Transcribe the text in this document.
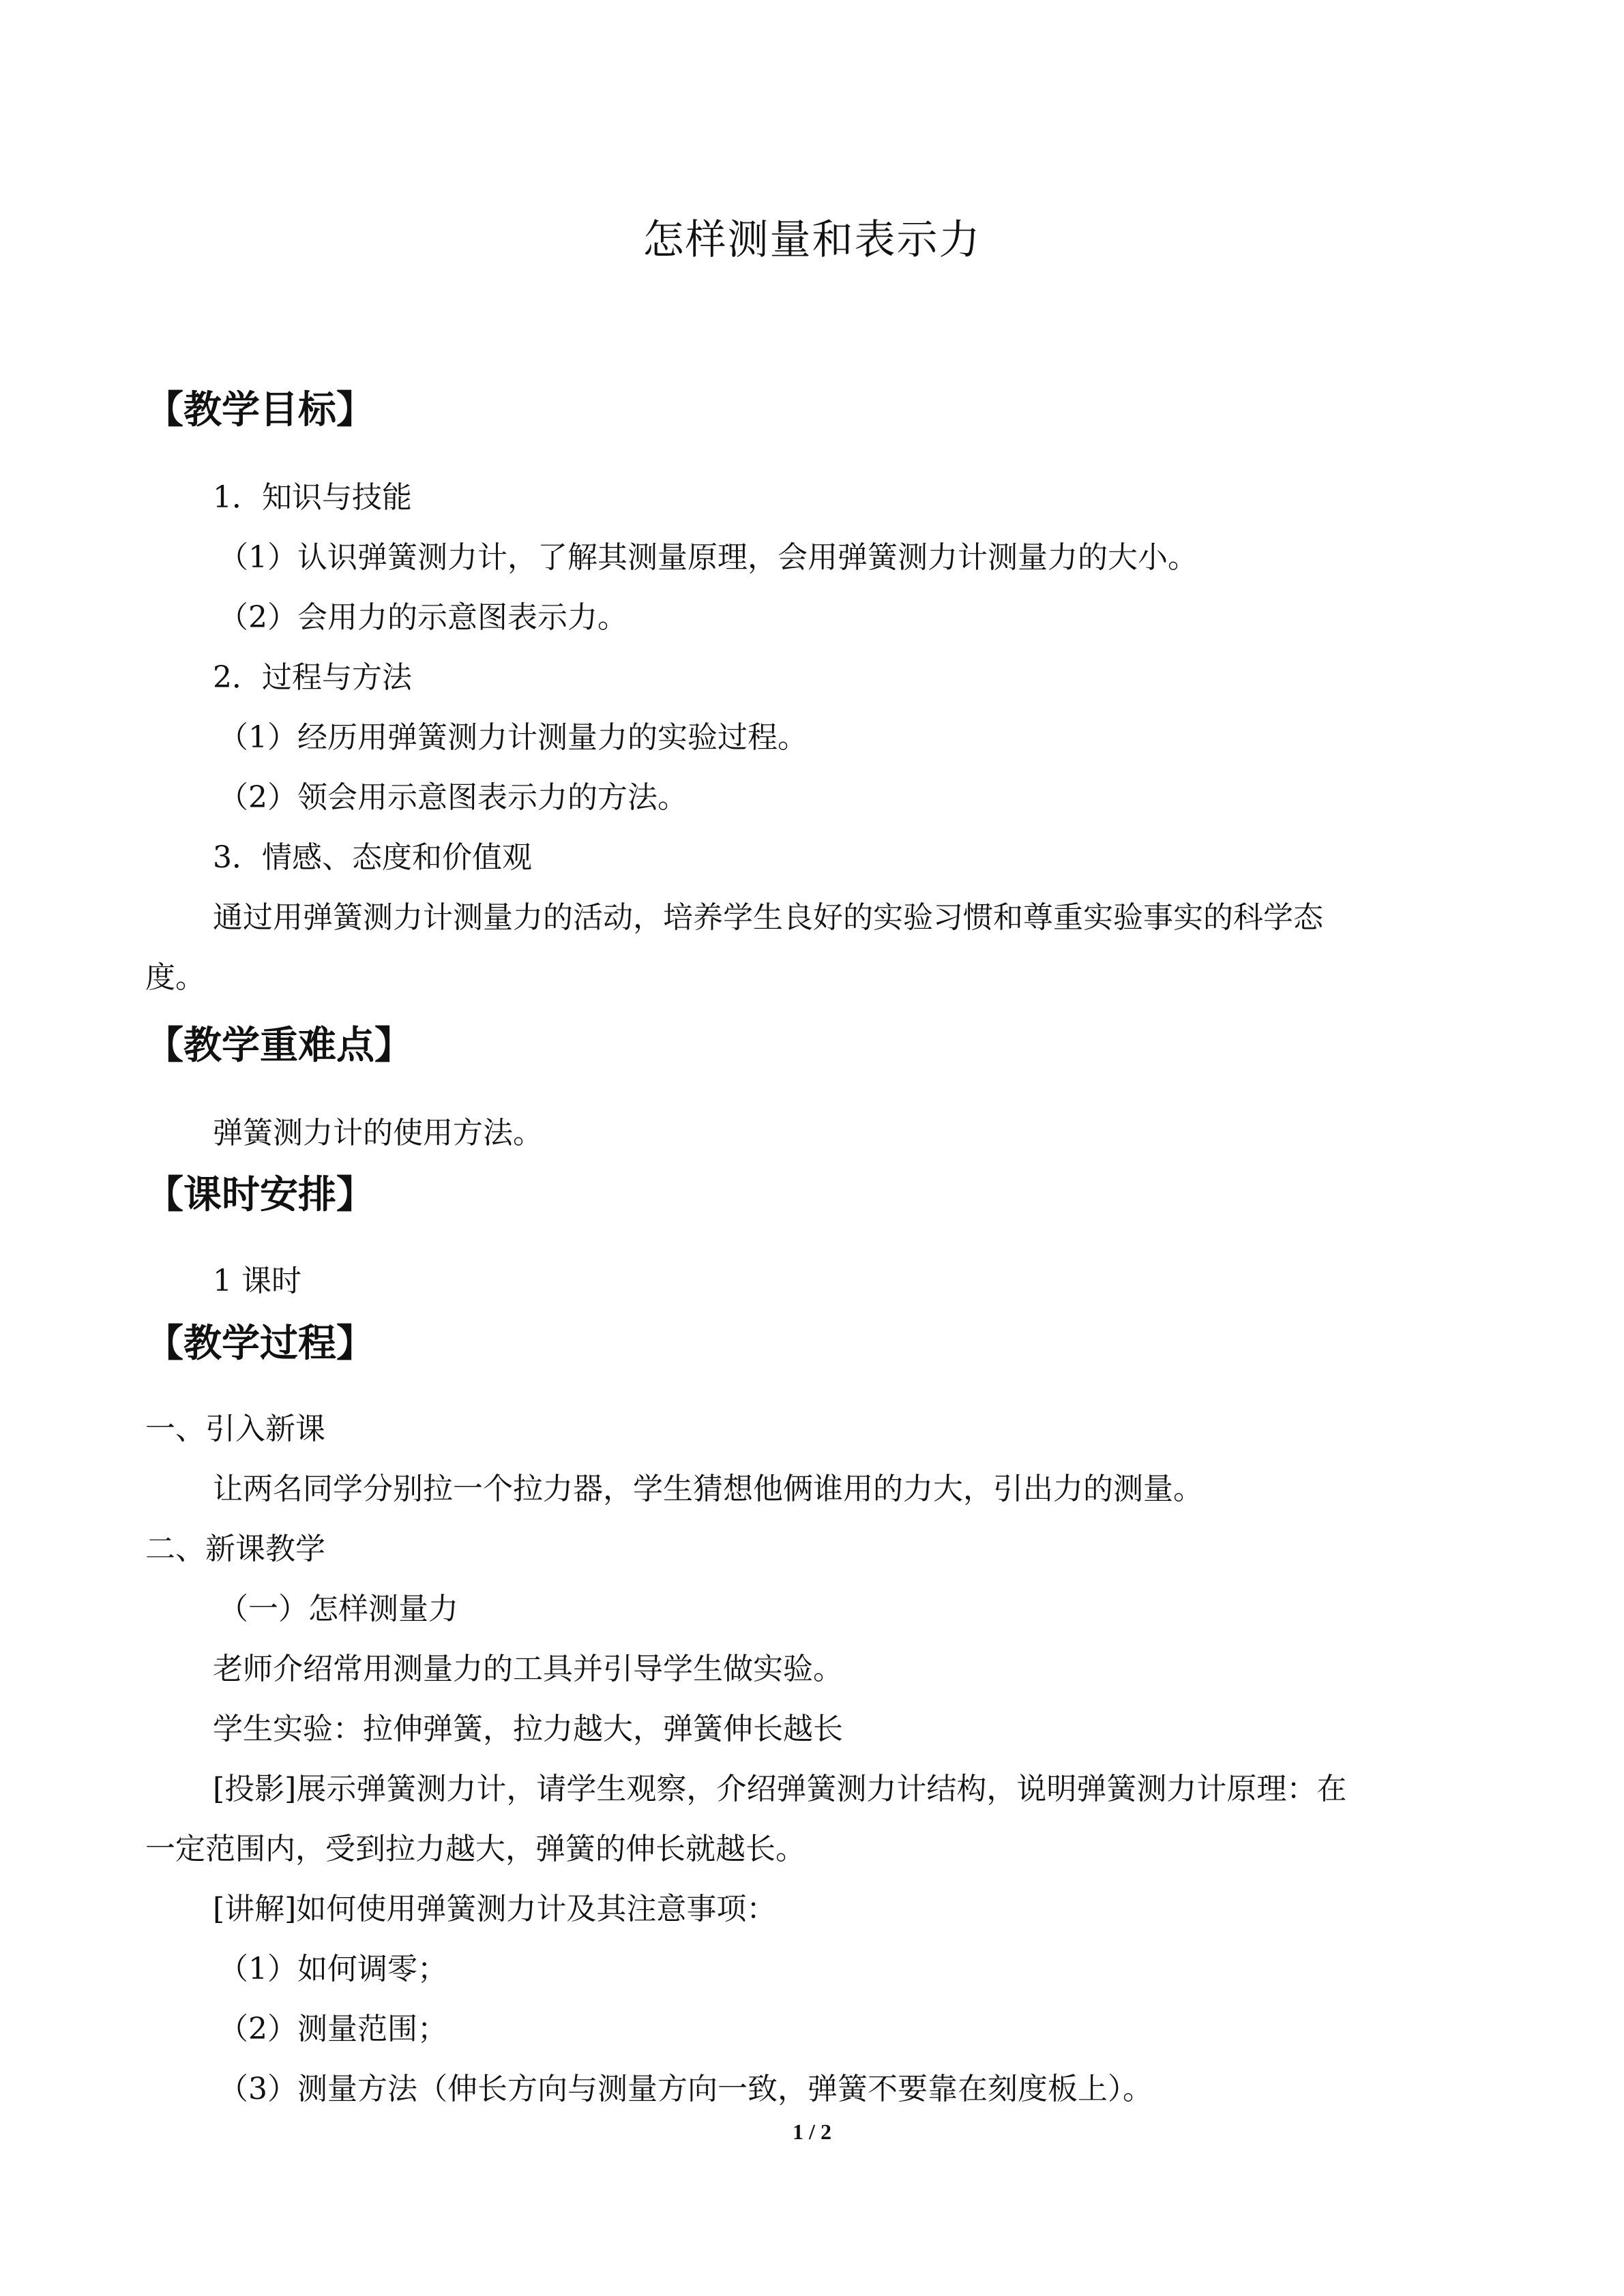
怎样测量和表示力
【教学目标】
1．知识与技能
（1）认识弹簧测力计，了解其测量原理，会用弹簧测力计测量力的大小。
（2）会用力的示意图表示力。
2．过程与方法
（1）经历用弹簧测力计测量力的实验过程。
（2）领会用示意图表示力的方法。
3．情感、态度和价值观
通过用弹簧测力计测量力的活动，培养学生良好的实验习惯和尊重实验事实的科学态
度。
【教学重难点】
弹簧测力计的使用方法。
【课时安排】
1 课时
【教学过程】
一、引入新课
让两名同学分别拉一个拉力器，学生猜想他俩谁用的力大，引出力的测量。
二、新课教学
（一）怎样测量力
老师介绍常用测量力的工具并引导学生做实验。
学生实验：拉伸弹簧，拉力越大，弹簧伸长越长
[投影]展示弹簧测力计，请学生观察，介绍弹簧测力计结构，说明弹簧测力计原理：在
一定范围内，受到拉力越大，弹簧的伸长就越长。
[讲解]如何使用弹簧测力计及其注意事项：
（1）如何调零；
（2）测量范围；
（3）测量方法（伸长方向与测量方向一致，弹簧不要靠在刻度板上）。
1 / 2
